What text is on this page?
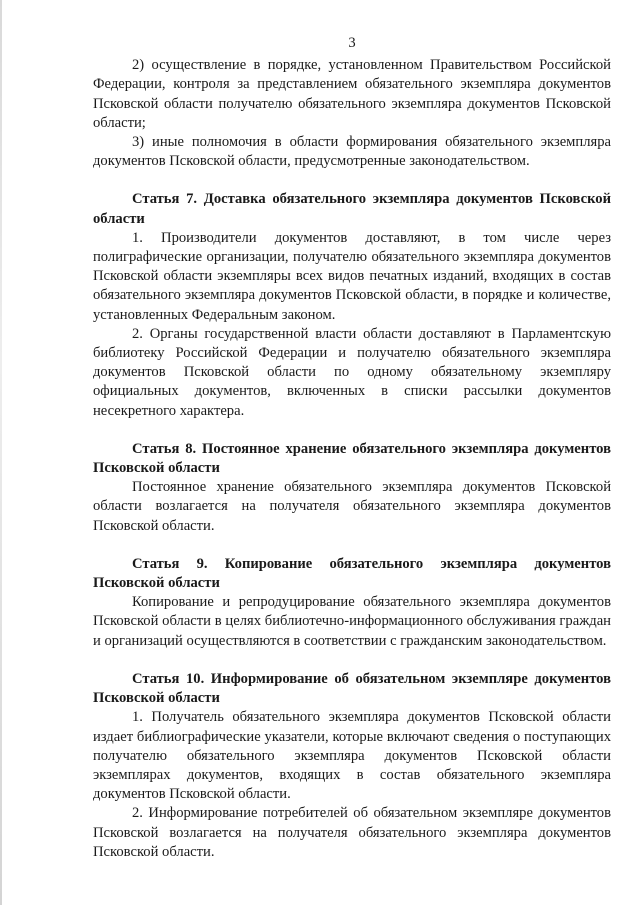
3

2) осуществление в порядке, установленном Правительством Российской Федерации, контроля за представлением обязательного экземпляра документов Псковской области получателю обязательного экземпляра документов Псковской области;

3) иные полномочия в области формирования обязательного экземпляра документов Псковской области, предусмотренные законодательством.

Статья 7. Доставка обязательного экземпляра документов Псковской области

1. Производители документов доставляют, в том числе через полиграфические организации, получателю обязательного экземпляра документов Псковской области экземпляры всех видов печатных изданий, входящих в состав обязательного экземпляра документов Псковской области, в порядке и количестве, установленных Федеральным законом.

2. Органы государственной власти области доставляют в Парламентскую библиотеку Российской Федерации и получателю обязательного экземпляра документов Псковской области по одному обязательному экземпляру официальных документов, включенных в списки рассылки документов несекретного характера.

Статья 8. Постоянное хранение обязательного экземпляра документов Псковской области

Постоянное хранение обязательного экземпляра документов Псковской области возлагается на получателя обязательного экземпляра документов Псковской области.

Статья 9. Копирование обязательного экземпляра документов Псковской области

Копирование и репродуцирование обязательного экземпляра документов Псковской области в целях библиотечно-информационного обслуживания граждан и организаций осуществляются в соответствии с гражданским законодательством.

Статья 10. Информирование об обязательном экземпляре документов Псковской области

1. Получатель обязательного экземпляра документов Псковской области издает библиографические указатели, которые включают сведения о поступающих получателю обязательного экземпляра документов Псковской области экземплярах документов, входящих в состав обязательного экземпляра документов Псковской области.

2. Информирование потребителей об обязательном экземпляре документов Псковской возлагается на получателя обязательного экземпляра документов Псковской области.
